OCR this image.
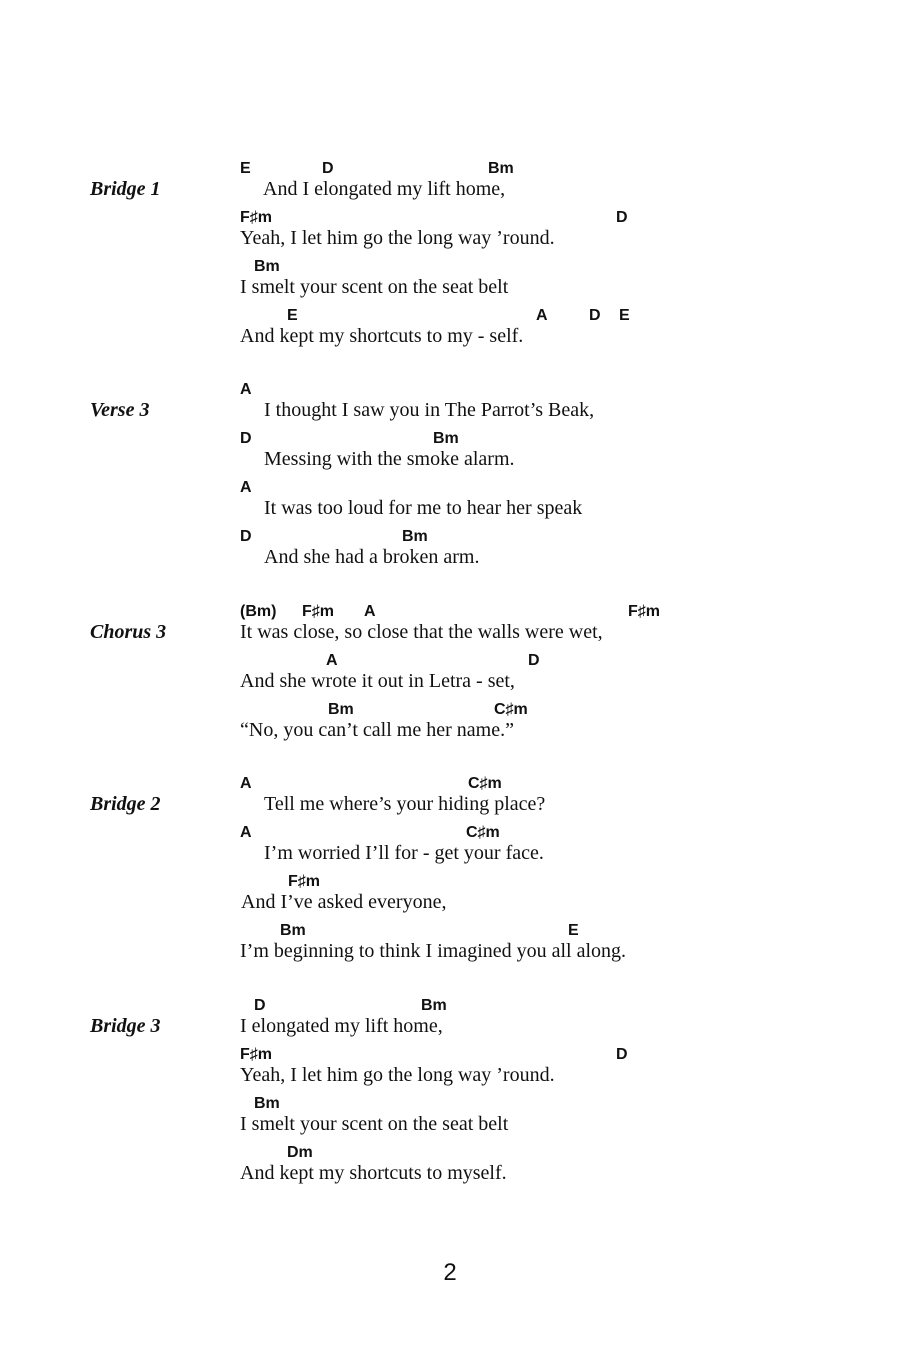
Bridge 1
E	D	Bm
And I elongated my lift home,
F♯m	D
Yeah, I let him go the long way ’round.
Bm
I smelt your scent on the seat belt
E	A	D E
And kept my shortcuts to my - self.
Verse 3
A
I thought I saw you in The Parrot’s Beak,
D	Bm
Messing with the smoke alarm.
A
It was too loud for me to hear her speak
D	Bm
And she had a broken arm.
Chorus 3
(Bm) F♯m A	F♯m
It was close, so close that the walls were wet,
A	D
And she wrote it out in Letra - set,
Bm	C♯m
“No, you can’t call me her name.”
Bridge 2
A	C♯m
Tell me where’s your hiding place?
A	C♯m
I’m worried I’ll for - get your face.
F♯m
And I’ve asked everyone,
Bm	E
I’m beginning to think I imagined you all along.
Bridge 3
D	Bm
I elongated my lift home,
F♯m	D
Yeah, I let him go the long way ’round.
Bm
I smelt your scent on the seat belt
Dm
And kept my shortcuts to myself.
2
